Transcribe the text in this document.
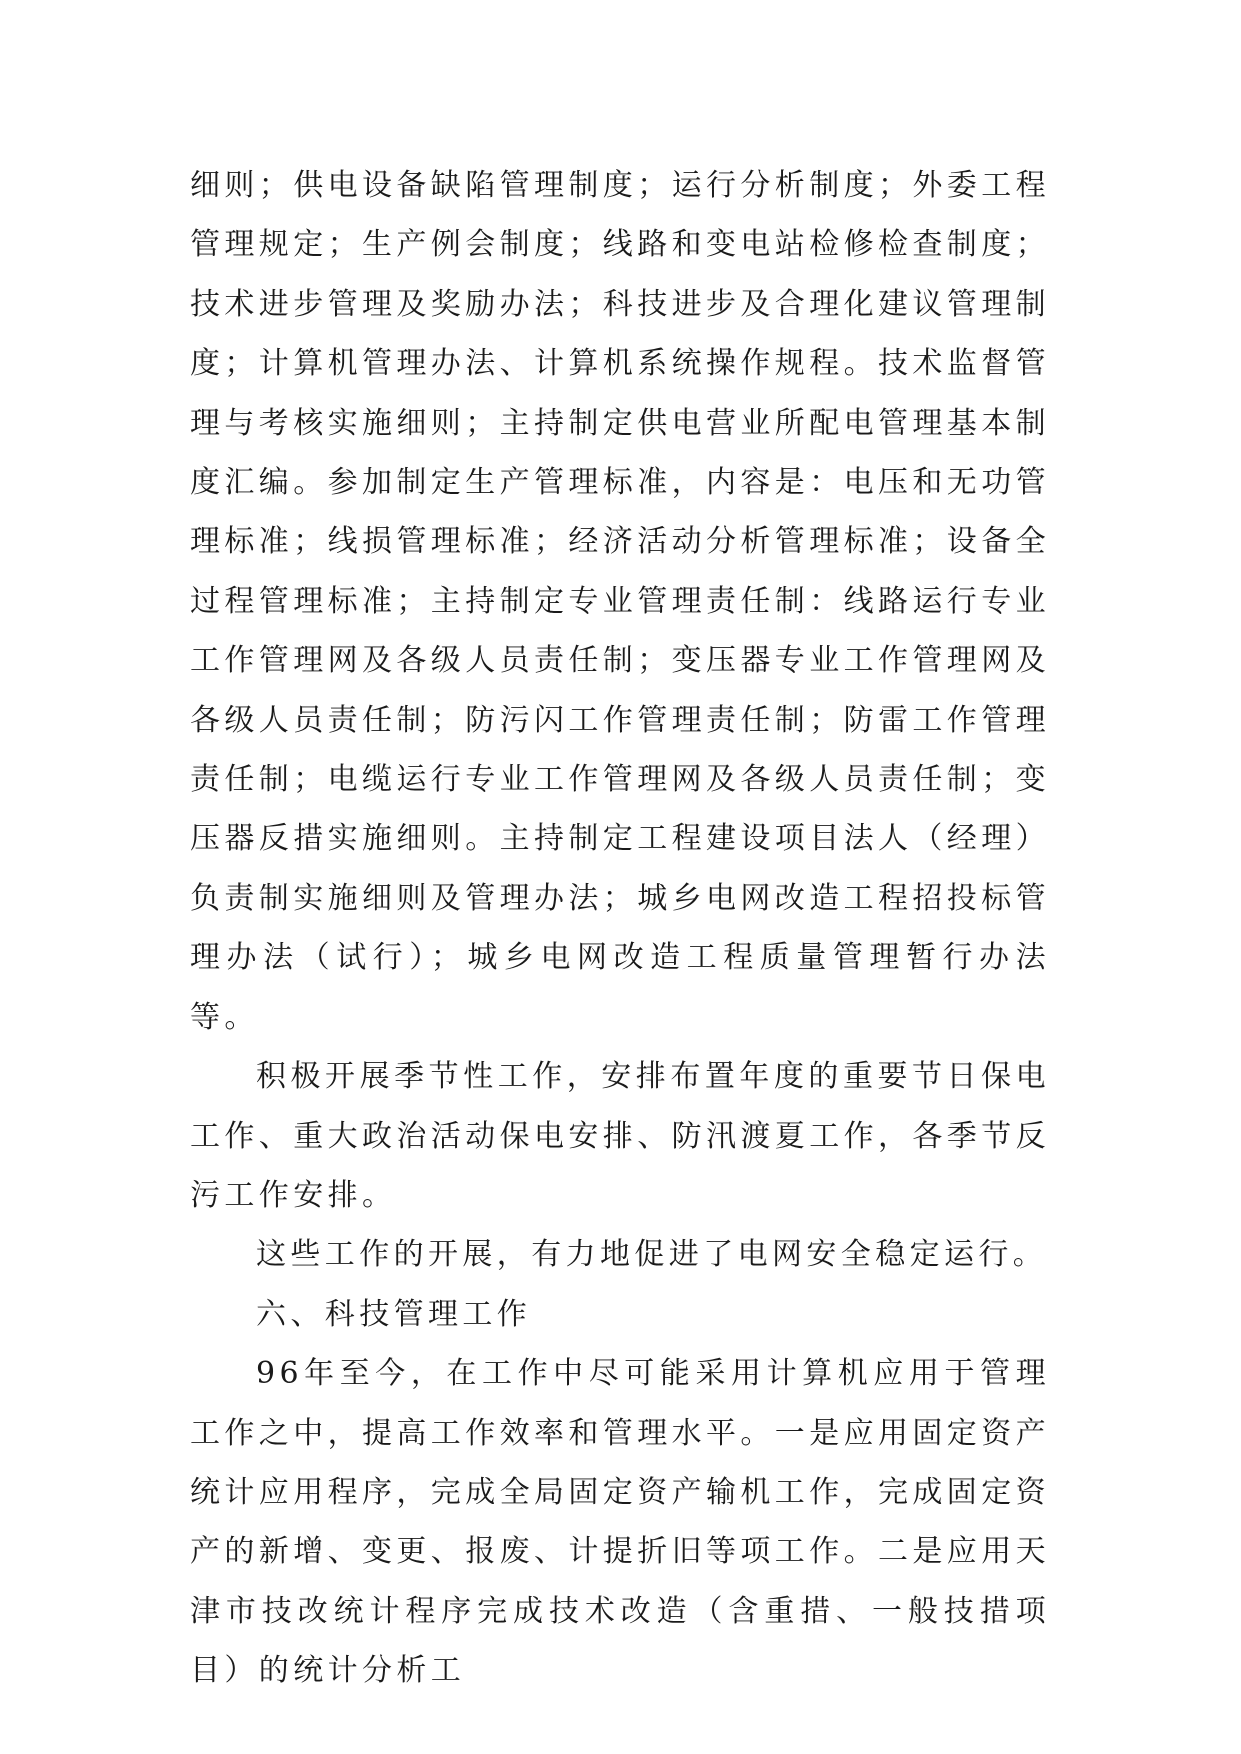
细则；供电设备缺陷管理制度；运行分析制度；外委工程管理规定；生产例会制度；线路和变电站检修检查制度；技术进步管理及奖励办法；科技进步及合理化建议管理制度；计算机管理办法、计算机系统操作规程。技术监督管理与考核实施细则；主持制定供电营业所配电管理基本制度汇编。参加制定生产管理标准，内容是：电压和无功管理标准；线损管理标准；经济活动分析管理标准；设备全过程管理标准；主持制定专业管理责任制：线路运行专业工作管理网及各级人员责任制；变压器专业工作管理网及各级人员责任制；防污闪工作管理责任制；防雷工作管理责任制；电缆运行专业工作管理网及各级人员责任制；变压器反措实施细则。主持制定工程建设项目法人（经理）负责制实施细则及管理办法；城乡电网改造工程招投标管理办法（试行）；城乡电网改造工程质量管理暂行办法等。

积极开展季节性工作，安排布置年度的重要节日保电工作、重大政治活动保电安排、防汛渡夏工作，各季节反污工作安排。

这些工作的开展，有力地促进了电网安全稳定运行。

六、科技管理工作

96年至今，在工作中尽可能采用计算机应用于管理工作之中，提高工作效率和管理水平。一是应用固定资产统计应用程序，完成全局固定资产输机工作，完成固定资产的新增、变更、报废、计提折旧等项工作。二是应用天津市技改统计程序完成技术改造（含重措、一般技措项目）的统计分析工
